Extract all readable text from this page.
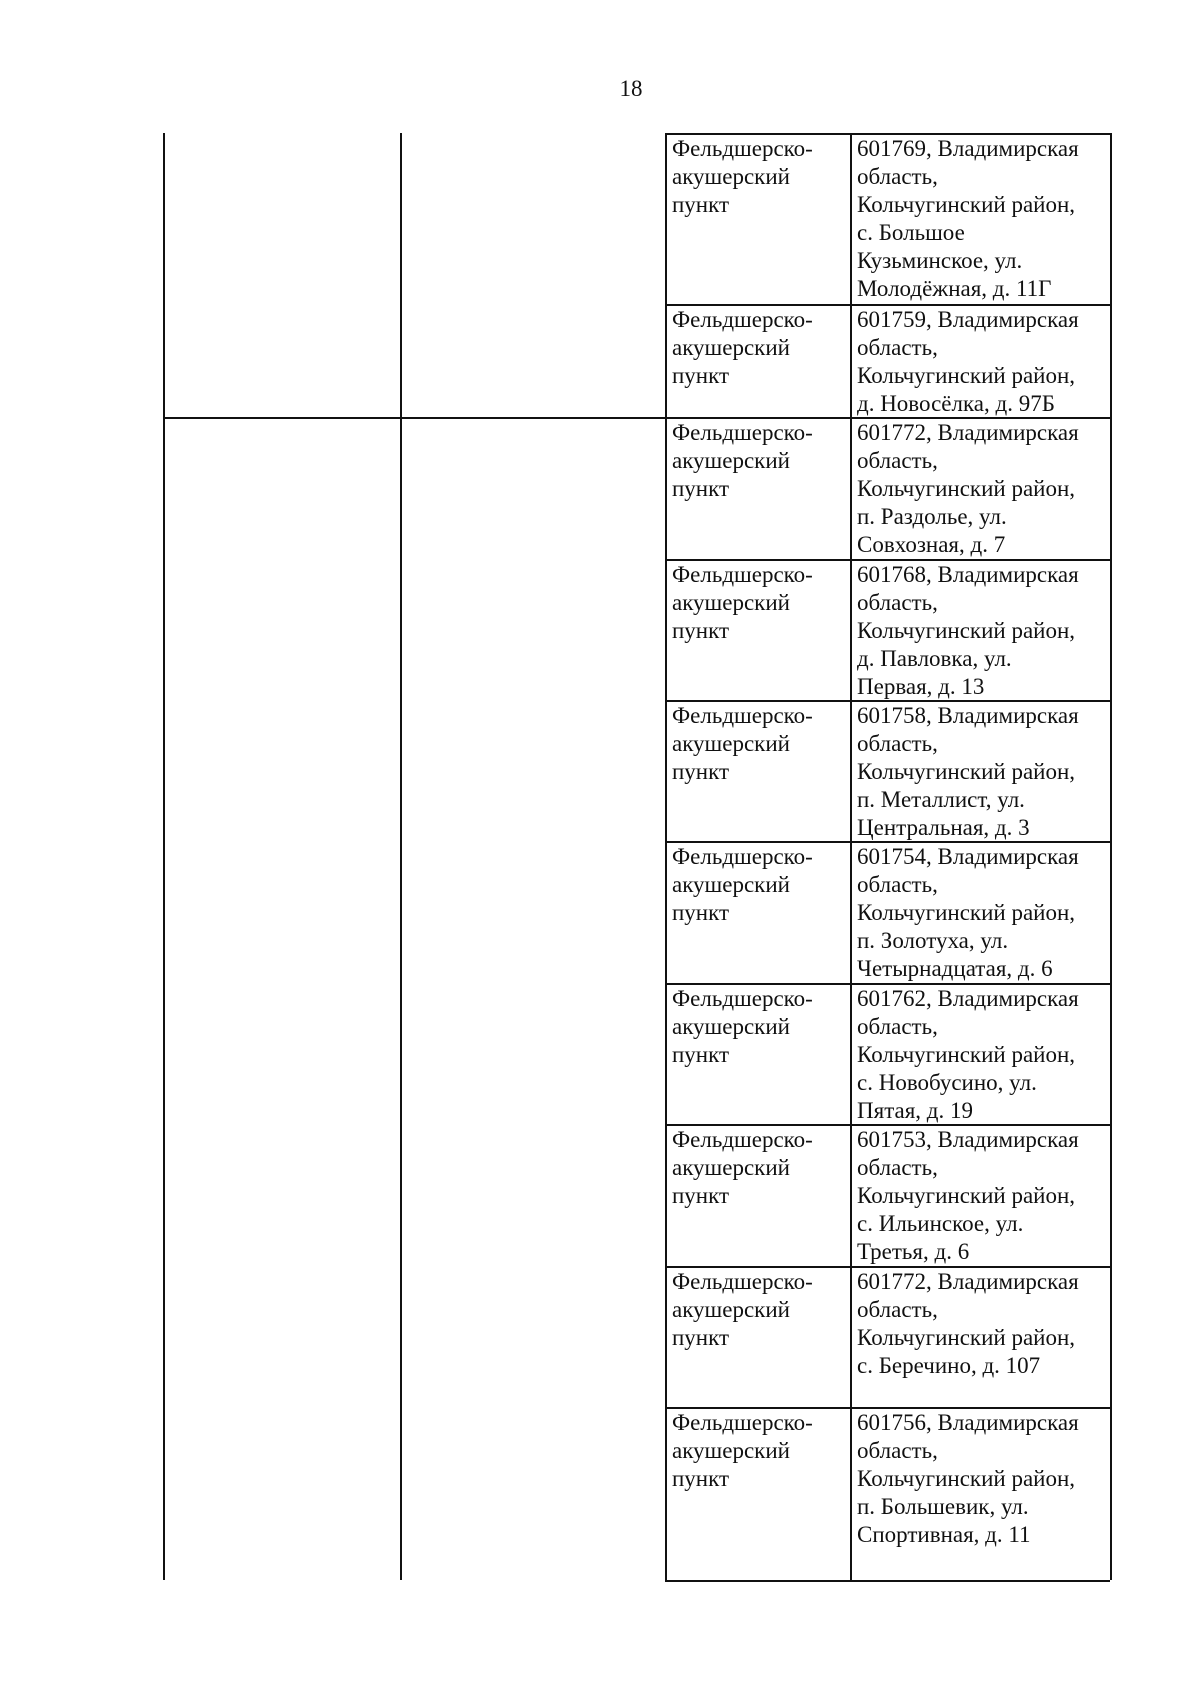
18
Фельдшерско-
акушерский
пункт
601769, Владимирская
область,
Кольчугинский район,
с. Большое
Кузьминское, ул.
Молодёжная, д. 11Г
Фельдшерско-
акушерский
пункт
601759, Владимирская
область,
Кольчугинский район,
д. Новосёлка, д. 97Б
Фельдшерско-
акушерский
пункт
601772, Владимирская
область,
Кольчугинский район,
п. Раздолье, ул.
Совхозная, д. 7
Фельдшерско-
акушерский
пункт
601768, Владимирская
область,
Кольчугинский район,
д. Павловка, ул.
Первая, д. 13
Фельдшерско-
акушерский
пункт
601758, Владимирская
область,
Кольчугинский район,
п. Металлист, ул.
Центральная, д. 3
Фельдшерско-
акушерский
пункт
601754, Владимирская
область,
Кольчугинский район,
п. Золотуха, ул.
Четырнадцатая, д. 6
Фельдшерско-
акушерский
пункт
601762, Владимирская
область,
Кольчугинский район,
с. Новобусино, ул.
Пятая, д. 19
Фельдшерско-
акушерский
пункт
601753, Владимирская
область,
Кольчугинский район,
с. Ильинское, ул.
Третья, д. 6
Фельдшерско-
акушерский
пункт
601772, Владимирская
область,
Кольчугинский район,
с. Беречино, д. 107
Фельдшерско-
акушерский
пункт
601756, Владимирская
область,
Кольчугинский район,
п. Большевик, ул.
Спортивная, д. 11
